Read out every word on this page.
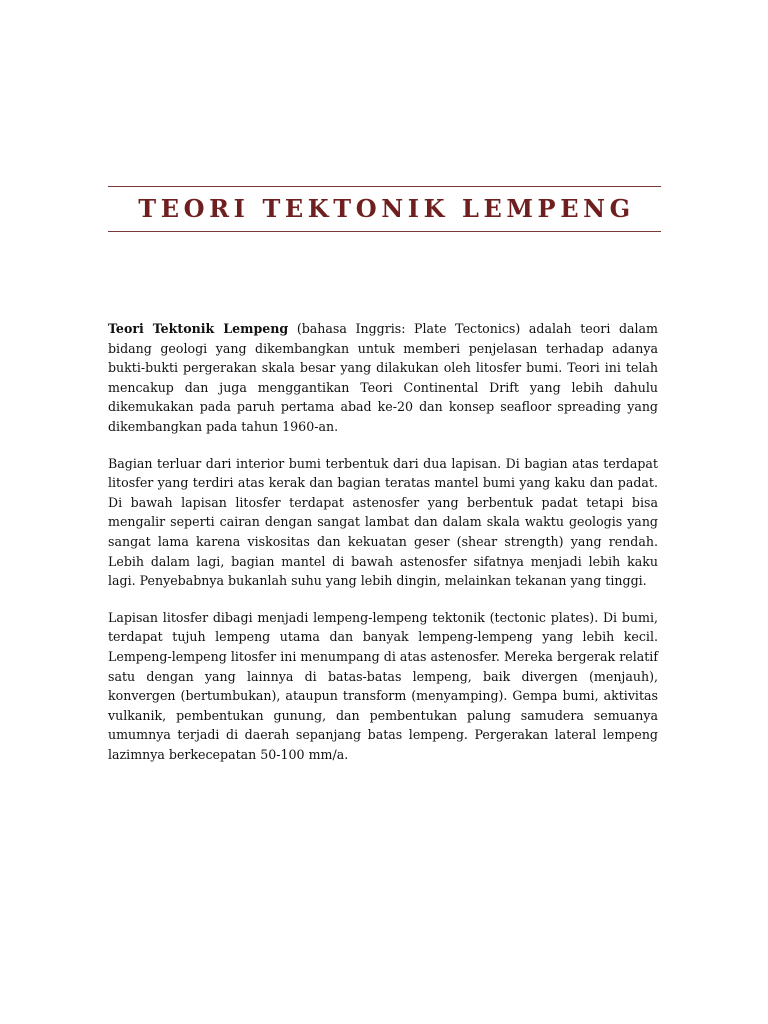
TEORI TEKTONIK LEMPENG

Teori Tektonik Lempeng (bahasa Inggris: Plate Tectonics) adalah teori dalam bidang geologi yang dikembangkan untuk memberi penjelasan terhadap adanya bukti-bukti pergerakan skala besar yang dilakukan oleh litosfer bumi. Teori ini telah mencakup dan juga menggantikan Teori Continental Drift yang lebih dahulu dikemukakan pada paruh pertama abad ke-20 dan konsep seafloor spreading yang dikembangkan pada tahun 1960-an.

Bagian terluar dari interior bumi terbentuk dari dua lapisan. Di bagian atas terdapat litosfer yang terdiri atas kerak dan bagian teratas mantel bumi yang kaku dan padat. Di bawah lapisan litosfer terdapat astenosfer yang berbentuk padat tetapi bisa mengalir seperti cairan dengan sangat lambat dan dalam skala waktu geologis yang sangat lama karena viskositas dan kekuatan geser (shear strength) yang rendah. Lebih dalam lagi, bagian mantel di bawah astenosfer sifatnya menjadi lebih kaku lagi. Penyebabnya bukanlah suhu yang lebih dingin, melainkan tekanan yang tinggi.

Lapisan litosfer dibagi menjadi lempeng-lempeng tektonik (tectonic plates). Di bumi, terdapat tujuh lempeng utama dan banyak lempeng-lempeng yang lebih kecil. Lempeng-lempeng litosfer ini menumpang di atas astenosfer. Mereka bergerak relatif satu dengan yang lainnya di batas-batas lempeng, baik divergen (menjauh), konvergen (bertumbukan), ataupun transform (menyamping). Gempa bumi, aktivitas vulkanik, pembentukan gunung, dan pembentukan palung samudera semuanya umumnya terjadi di daerah sepanjang batas lempeng. Pergerakan lateral lempeng lazimnya berkecepatan 50-100 mm/a.
